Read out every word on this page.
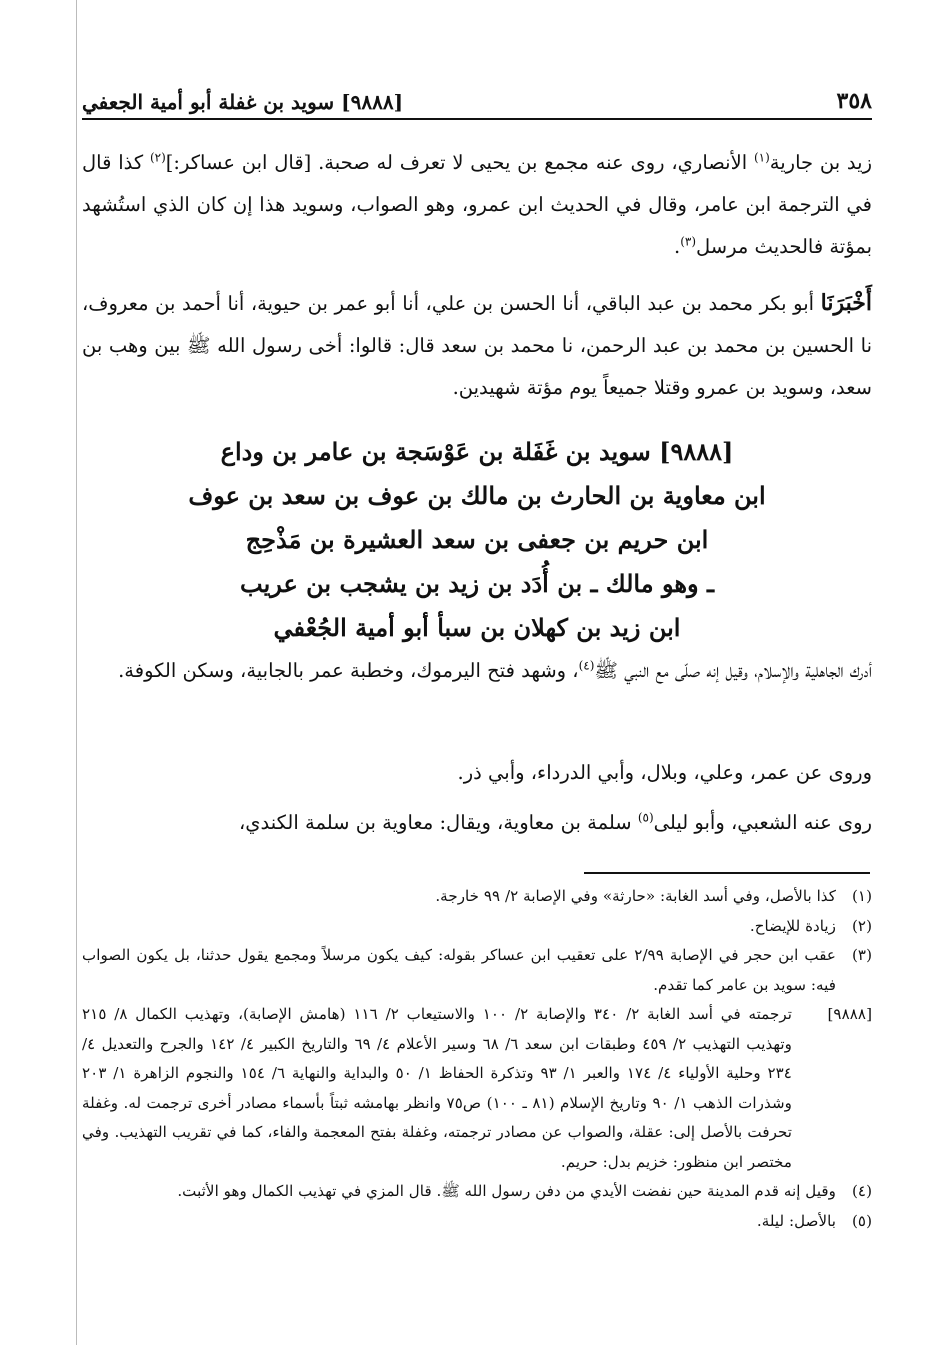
٣٥٨
[٩٨٨٨] سويد بن غفلة أبو أمية الجعفي

زيد بن جارية$^{(١)}$ الأنصاري، روى عنه مجمع بن يحيى لا تعرف له صحبة. [قال ابن عساكر:]$^{(٢)}$ كذا قال في الترجمة ابن عامر، وقال في الحديث ابن عمرو، وهو الصواب، وسويد هذا إن كان الذي استُشهد بمؤتة فالحديث مرسل$^{(٣)}$.

أَخْبَرَنَا أبو بكر محمد بن عبد الباقي، أنا الحسن بن علي، أنا أبو عمر بن حيوية، أنا أحمد بن معروف، نا الحسين بن محمد بن عبد الرحمن، نا محمد بن سعد قال: قالوا: أخى رسول الله ﷺ بين وهب بن سعد، وسويد بن عمرو وقتلا جميعاً يوم مؤتة شهيدين.

[٩٨٨٨] سويد بن غَفَلة بن عَوْسَجة بن عامر بن وداع
ابن معاوية بن الحارث بن مالك بن عوف بن سعد بن عوف
ابن حريم بن جعفى بن سعد العشيرة بن مَذْحِج
ـ وهو مالك ـ بن أُدَد بن زيد بن يشجب بن عريب
ابن زيد بن كهلان بن سبأ أبو أمية الجُعْفي

أدرك الجاهلية والإسلام، وقيل إنه صلّى مع النبي ﷺ$^{(٤)}$، وشهد فتح اليرموك، وخطبة عمر بالجابية، وسكن الكوفة.

وروى عن عمر، وعلي، وبلال، وأبي الدرداء، وأبي ذر.

روى عنه الشعبي، وأبو ليلى$^{(٥)}$ سلمة بن معاوية، ويقال: معاوية بن سلمة الكندي،

(١)
كذا بالأصل، وفي أسد الغابة: «حارثة» وفي الإصابة ٢/ ٩٩ خارجة.
(٢)
زيادة للإيضاح.
(٣)
عقب ابن حجر في الإصابة ٢/٩٩ على تعقيب ابن عساكر بقوله: كيف يكون مرسلاً ومجمع يقول حدثنا، بل يكون الصواب فيه: سويد بن عامر كما تقدم.
[٩٨٨٨]
ترجمته في أسد الغابة ٢/ ٣٤٠ والإصابة ٢/ ١٠٠ والاستيعاب ٢/ ١١٦ (هامش الإصابة)، وتهذيب الكمال ٨/ ٢١٥ وتهذيب التهذيب ٢/ ٤٥٩ وطبقات ابن سعد ٦/ ٦٨ وسير الأعلام ٤/ ٦٩ والتاريخ الكبير ٤/ ١٤٢ والجرح والتعديل ٤/ ٢٣٤ وحلية الأولياء ٤/ ١٧٤ والعبر ١/ ٩٣ وتذكرة الحفاظ ١/ ٥٠ والبداية والنهاية ٦/ ١٥٤ والنجوم الزاهرة ١/ ٢٠٣ وشذرات الذهب ١/ ٩٠ وتاريخ الإسلام (٨١ ـ ١٠٠) ص٧٥ وانظر بهامشه ثبتاً بأسماء مصادر أخرى ترجمت له. وغفلة تحرفت بالأصل إلى: عقلة، والصواب عن مصادر ترجمته، وغفلة بفتح المعجمة والفاء، كما في تقريب التهذيب. وفي مختصر ابن منظور: خزيم بدل: حريم.
(٤)
وقيل إنه قدم المدينة حين نفضت الأيدي من دفن رسول الله ﷺ. قال المزي في تهذيب الكمال وهو الأثبت.
(٥)
بالأصل: ليلة.
